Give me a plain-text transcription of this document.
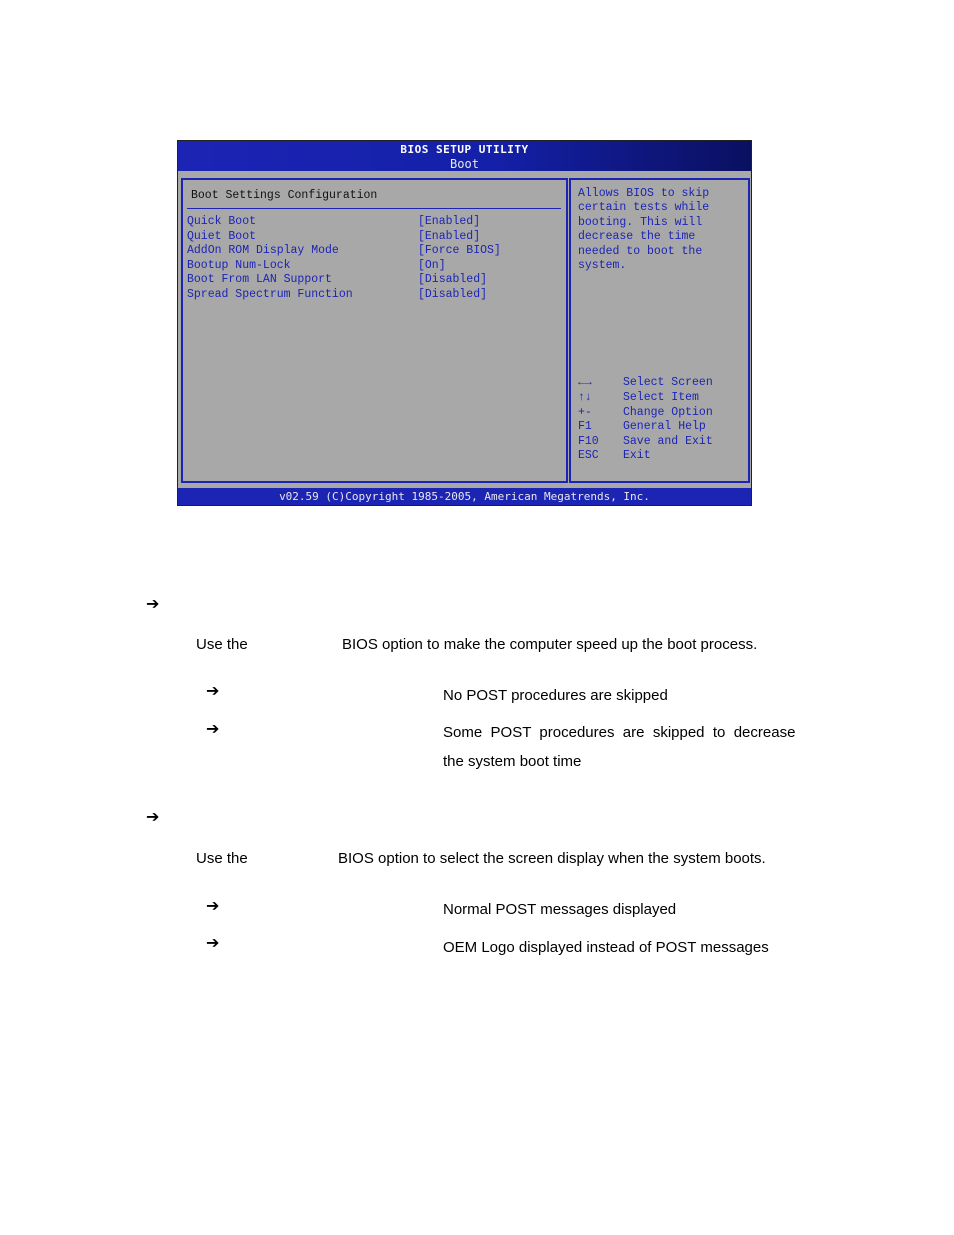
BIOS SETUP UTILITY
Boot
Boot Settings Configuration
Quick Boot	[Enabled]
Quiet Boot	[Enabled]
AddOn ROM Display Mode	[Force BIOS]
Bootup Num-Lock	[On]
Boot From LAN Support	[Disabled]
Spread Spectrum Function	[Disabled]
Allows BIOS to skip
certain tests while
booting. This will
decrease the time
needed to boot the
system.
←→	Select Screen
↑↓	Select Item
+-	Change Option
F1	General Help
F10 Save and Exit
ESC Exit
v02.59 (C)Copyright 1985-2005, American Megatrends, Inc.
➔
Use the	BIOS option to make the computer speed up the boot process.
➔	No POST procedures are skipped
➔	Some  POST  procedures  are  skipped  to  decrease
the system boot time
➔
Use the	BIOS option to select the screen display when the system boots.
➔	Normal POST messages displayed
➔	OEM Logo displayed instead of POST messages
